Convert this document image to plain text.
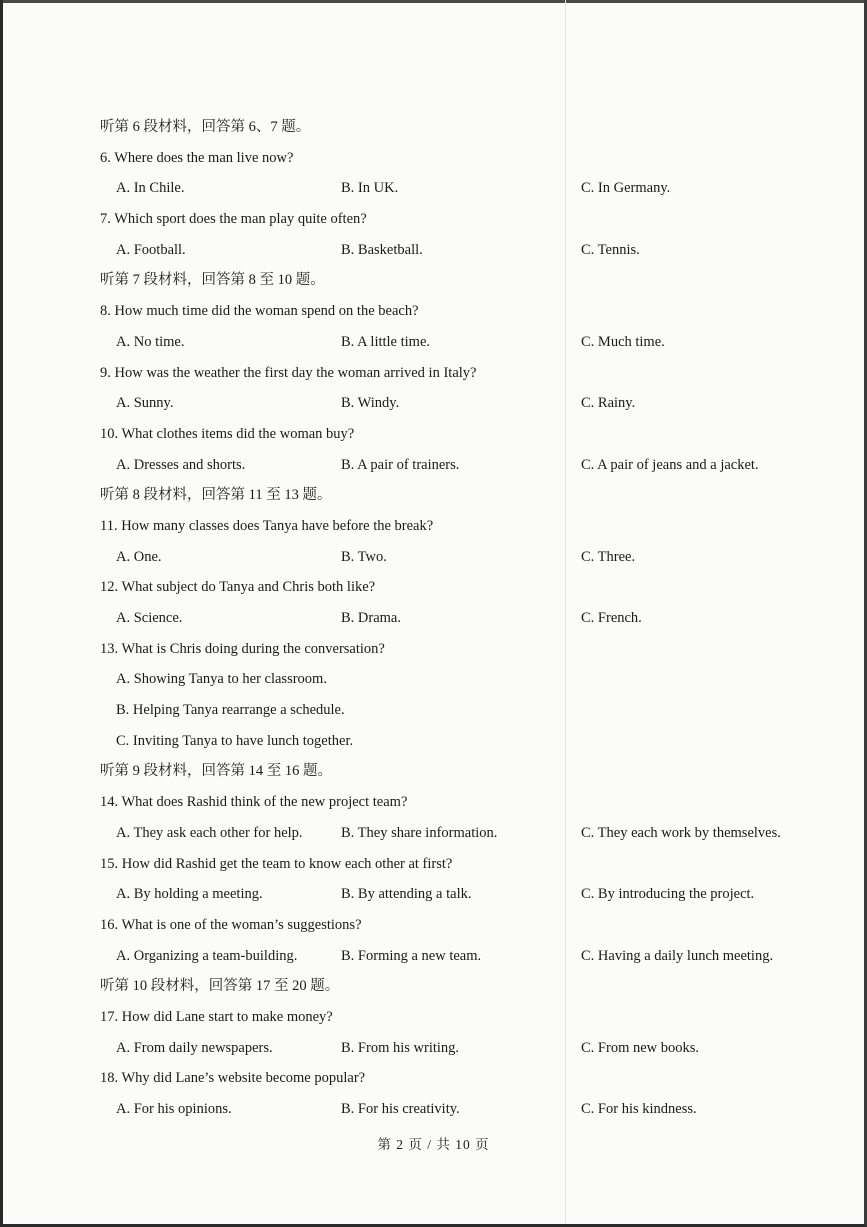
听第 6 段材料，回答第 6、7 题。
6. Where does the man live now?
A. In Chile.	B. In UK.	C. In Germany.
7. Which sport does the man play quite often?
A. Football.	B. Basketball.	C. Tennis.
听第 7 段材料，回答第 8 至 10 题。
8. How much time did the woman spend on the beach?
A. No time.	B. A little time.	C. Much time.
9. How was the weather the first day the woman arrived in Italy?
A. Sunny.	B. Windy.	C. Rainy.
10. What clothes items did the woman buy?
A. Dresses and shorts.	B. A pair of trainers.	C. A pair of jeans and a jacket.
听第 8 段材料，回答第 11 至 13 题。
11. How many classes does Tanya have before the break?
A. One.	B. Two.	C. Three.
12. What subject do Tanya and Chris both like?
A. Science.	B. Drama.	C. French.
13. What is Chris doing during the conversation?
A. Showing Tanya to her classroom.
B. Helping Tanya rearrange a schedule.
C. Inviting Tanya to have lunch together.
听第 9 段材料，回答第 14 至 16 题。
14. What does Rashid think of the new project team?
A. They ask each other for help.	B. They share information.	C. They each work by themselves.
15. How did Rashid get the team to know each other at first?
A. By holding a meeting.	B. By attending a talk.	C. By introducing the project.
16. What is one of the woman’s suggestions?
A. Organizing a team-building.	B. Forming a new team.	C. Having a daily lunch meeting.
听第 10 段材料，回答第 17 至 20 题。
17. How did Lane start to make money?
A. From daily newspapers.	B. From his writing.	C. From new books.
18. Why did Lane’s website become popular?
A. For his opinions.	B. For his creativity.	C. For his kindness.
第 2 页 / 共 10 页
